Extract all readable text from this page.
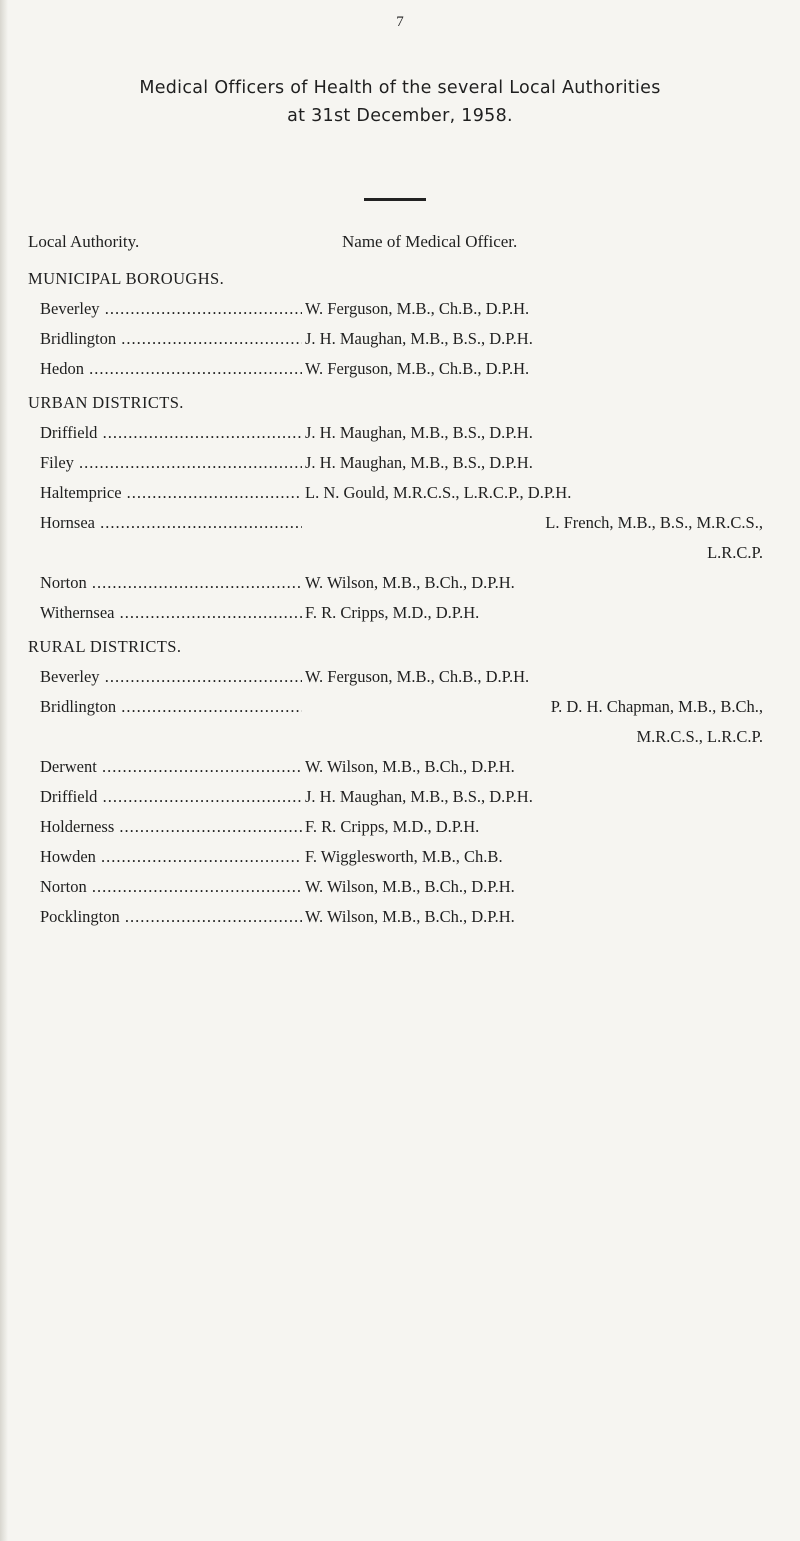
7
Medical Officers of Health of the several Local Authorities
at 31st December, 1958.
Local Authority.	Name of Medical Officer.
MUNICIPAL BOROUGHS.
Beverley .....	W. Ferguson, M.B., Ch.B., D.P.H.
Bridlington .....	J. H. Maughan, M.B., B.S., D.P.H.
Hedon .....	W. Ferguson, M.B., Ch.B., D.P.H.
URBAN DISTRICTS.
Driffield .....	J. H. Maughan, M.B., B.S., D.P.H.
Filey .....	J. H. Maughan, M.B., B.S., D.P.H.
Haltemprice .....	L. N. Gould, M.R.C.S., L.R.C.P., D.P.H.
Hornsea .....	L. French, M.B., B.S., M.R.C.S.,
L.R.C.P.
Norton .....	W. Wilson, M.B., B.Ch., D.P.H.
Withernsea .....	F. R. Cripps, M.D., D.P.H.
RURAL DISTRICTS.
Beverley .....	W. Ferguson, M.B., Ch.B., D.P.H.
Bridlington .....	P. D. H. Chapman, M.B., B.Ch.,
M.R.C.S., L.R.C.P.
Derwent .....	W. Wilson, M.B., B.Ch., D.P.H.
Driffield .....	J. H. Maughan, M.B., B.S., D.P.H.
Holderness .....	F. R. Cripps, M.D., D.P.H.
Howden .....	F. Wigglesworth, M.B., Ch.B.
Norton .....	W. Wilson, M.B., B.Ch., D.P.H.
Pocklington .....	W. Wilson, M.B., B.Ch., D.P.H.
